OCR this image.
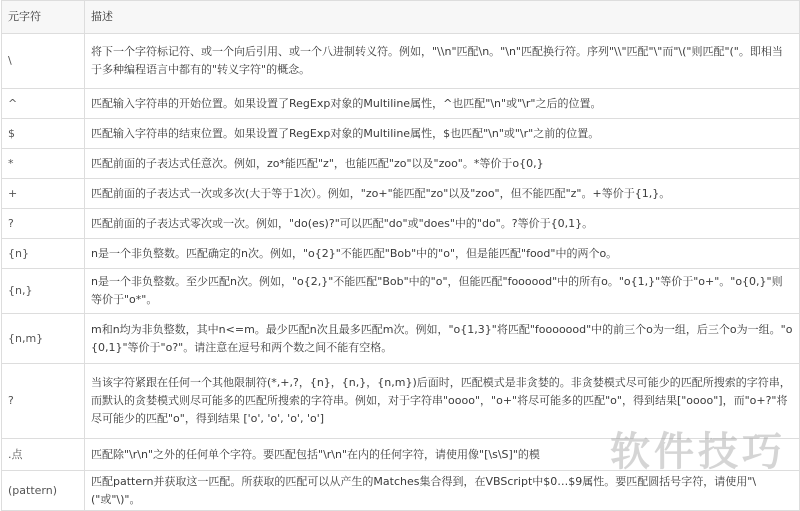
元字符	描述
\	将下一个字符标记符、或一个向后引用、或一个八进制转义符。例如，"\\n"匹配\n。"\n"匹配换行符。序列"\\"匹配"\"而"\("则匹配"("。即相当于多种编程语言中都有的"转义字符"的概念。
^	匹配输入字符串的开始位置。如果设置了RegExp对象的Multiline属性，^也匹配"\n"或"\r"之后的位置。
$	匹配输入字符串的结束位置。如果设置了RegExp对象的Multiline属性，$也匹配"\n"或"\r"之前的位置。
*	匹配前面的子表达式任意次。例如，zo*能匹配"z"，也能匹配"zo"以及"zoo"。*等价于o{0,}
+	匹配前面的子表达式一次或多次(大于等于1次）。例如，"zo+"能匹配"zo"以及"zoo"，但不能匹配"z"。+等价于{1,}。
?	匹配前面的子表达式零次或一次。例如，"do(es)?"可以匹配"do"或"does"中的"do"。?等价于{0,1}。
{n}	n是一个非负整数。匹配确定的n次。例如，"o{2}"不能匹配"Bob"中的"o"，但是能匹配"food"中的两个o。
{n,}	n是一个非负整数。至少匹配n次。例如，"o{2,}"不能匹配"Bob"中的"o"，但能匹配"foooood"中的所有o。"o{1,}"等价于"o+"。"o{0,}"则等价于"o*"。
{n,m}	m和n均为非负整数，其中n<=m。最少匹配n次且最多匹配m次。例如，"o{1,3}"将匹配"fooooood"中的前三个o为一组，后三个o为一组。"o{0,1}"等价于"o?"。请注意在逗号和两个数之间不能有空格。
?	当该字符紧跟在任何一个其他限制符(*,+,?，{n}，{n,}，{n,m})后面时，匹配模式是非贪婪的。非贪婪模式尽可能少的匹配所搜索的字符串，而默认的贪婪模式则尽可能多的匹配所搜索的字符串。例如，对于字符串"oooo"，"o+"将尽可能多的匹配"o"，得到结果["oooo"]，而"o+?"将尽可能少的匹配"o"，得到结果 ['o', 'o', 'o', 'o']
.点	匹配除"\r\n"之外的任何单个字符。要匹配包括"\r\n"在内的任何字符，请使用像"[\s\S]"的模
(pattern)	匹配pattern并获取这一匹配。所获取的匹配可以从产生的Matches集合得到，在VBScript中$0…$9属性。要匹配圆括号字符，请使用"\("或"\)"。
软件技巧
